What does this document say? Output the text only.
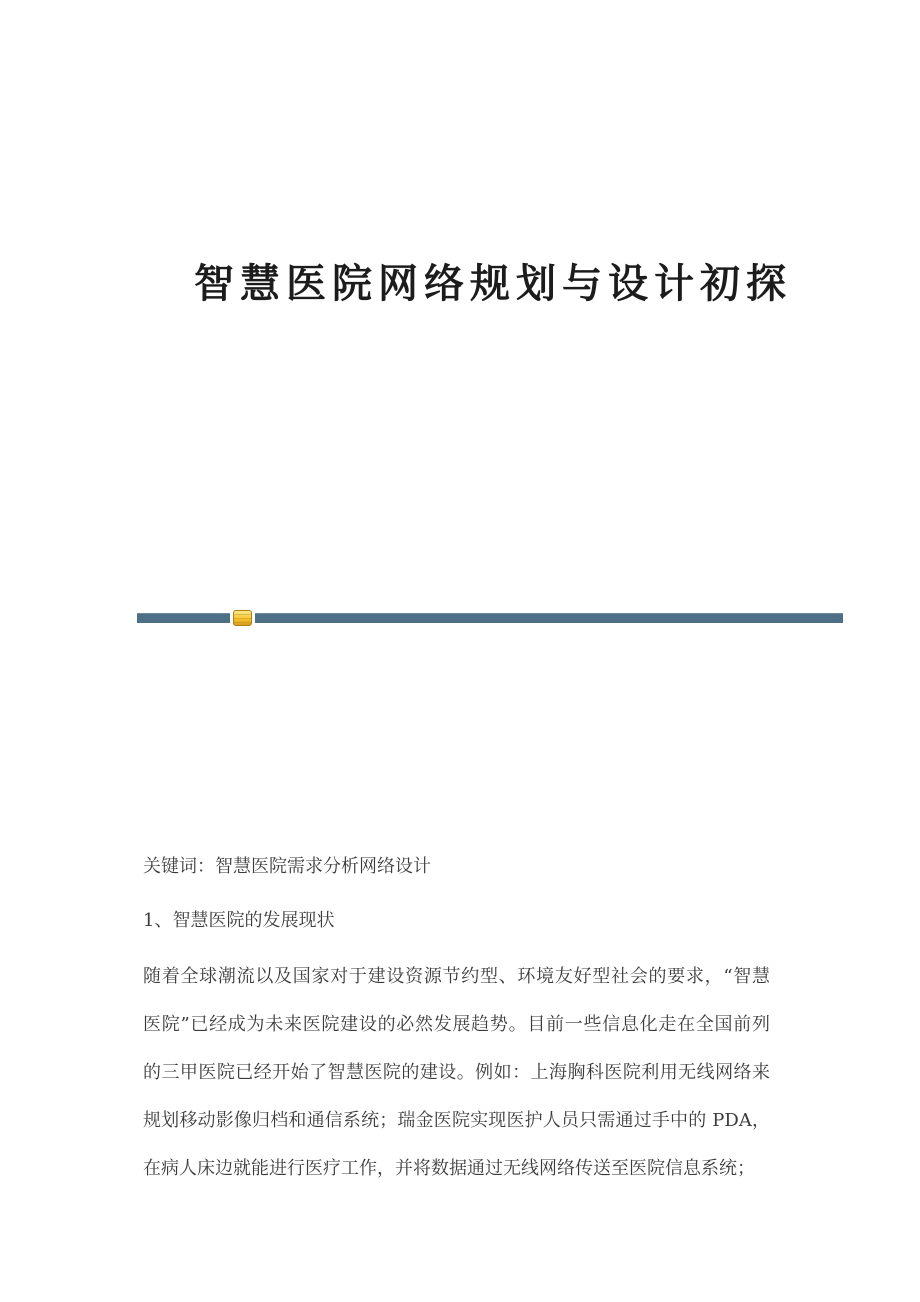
智慧医院网络规划与设计初探
关键词：智慧医院需求分析网络设计
1、智慧医院的发展现状
随着全球潮流以及国家对于建设资源节约型、环境友好型社会的要求，“智慧
医院”已经成为未来医院建设的必然发展趋势。目前一些信息化走在全国前列
的三甲医院已经开始了智慧医院的建设。例如：上海胸科医院利用无线网络来
规划移动影像归档和通信系统；瑞金医院实现医护人员只需通过手中的 PDA，
在病人床边就能进行医疗工作，并将数据通过无线网络传送至医院信息系统；
